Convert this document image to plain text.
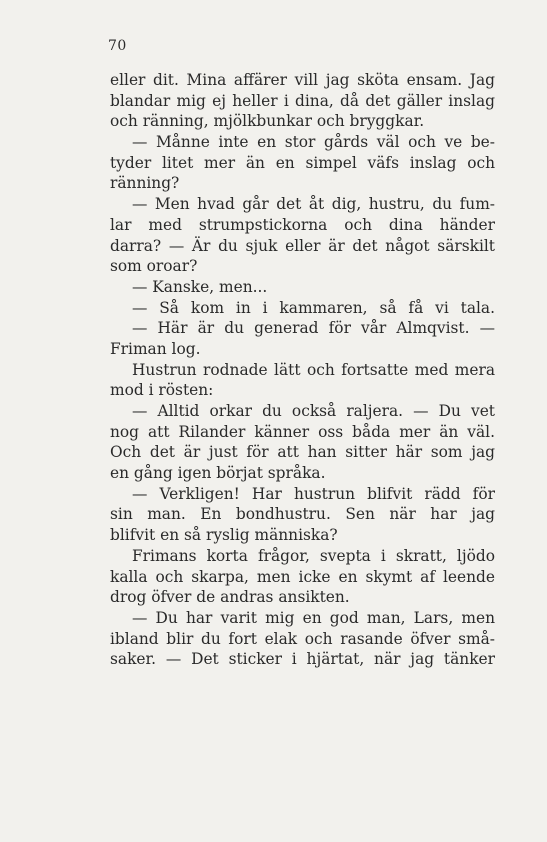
70
eller dit. Mina affärer vill jag sköta ensam. Jag
blandar mig ej heller i dina, då det gäller inslag
och ränning, mjölkbunkar och bryggkar.
— Månne inte en stor gårds väl och ve be-
tyder litet mer än en simpel väfs inslag och
ränning?
— Men hvad går det åt dig, hustru, du fum-
lar med strumpstickorna och dina händer
darra? — Är du sjuk eller är det något särskilt
som oroar?
— Kanske, men...
— Så kom in i kammaren, så få vi tala.
— Här är du generad för vår Almqvist. —
Friman log.
Hustrun rodnade lätt och fortsatte med mera
mod i rösten:
— Alltid orkar du också raljera. — Du vet
nog att Rilander känner oss båda mer än väl.
Och det är just för att han sitter här som jag
en gång igen börjat språka.
— Verkligen! Har hustrun blifvit rädd för
sin man. En bondhustru. Sen när har jag
blifvit en så ryslig människa?
Frimans korta frågor, svepta i skratt, ljödo
kalla och skarpa, men icke en skymt af leende
drog öfver de andras ansikten.
— Du har varit mig en god man, Lars, men
ibland blir du fort elak och rasande öfver små-
saker. — Det sticker i hjärtat, när jag tänker
